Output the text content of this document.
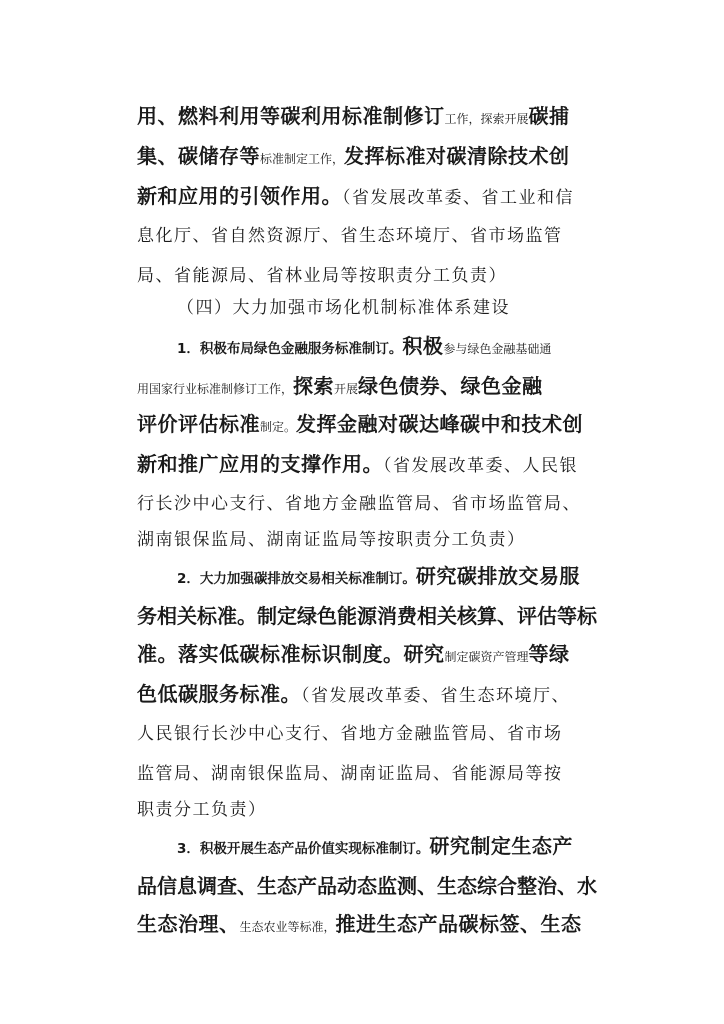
用、燃料利用等碳利用标准制修订工作，探索开展碳捕
集、碳储存等标准制定工作，发挥标准对碳清除技术创
新和应用的引领作用。（省发展改革委、省工业和信
息化厅、省自然资源厅、省生态环境厅、省市场监管
局、省能源局、省林业局等按职责分工负责）
（四）大力加强市场化机制标准体系建设
1．积极布局绿色金融服务标准制订。积极参与绿色金融基础通
用国家行业标准制修订工作，探索开展绿色债券、绿色金融
评价评估标准制定。发挥金融对碳达峰碳中和技术创
新和推广应用的支撑作用。（省发展改革委、人民银
行长沙中心支行、省地方金融监管局、省市场监管局、
湖南银保监局、湖南证监局等按职责分工负责）
2．大力加强碳排放交易相关标准制订。研究碳排放交易服
务相关标准。制定绿色能源消费相关核算、评估等标
准。落实低碳标准标识制度。研究制定碳资产管理等绿
色低碳服务标准。（省发展改革委、省生态环境厅、
人民银行长沙中心支行、省地方金融监管局、省市场
监管局、湖南银保监局、湖南证监局、省能源局等按
职责分工负责）
3．积极开展生态产品价值实现标准制订。研究制定生态产
品信息调查、生态产品动态监测、生态综合整治、水
生态治理、生态农业等标准，推进生态产品碳标签、生态
